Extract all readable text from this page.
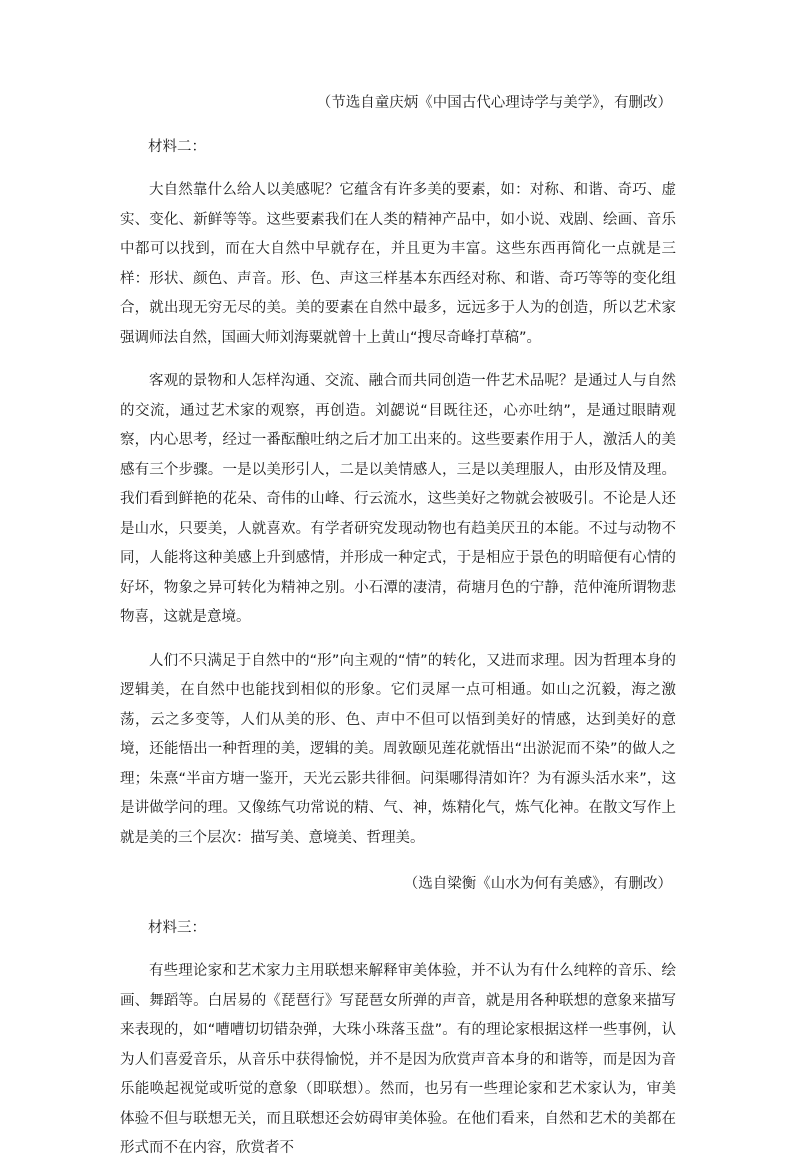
（节选自童庆炳《中国古代心理诗学与美学》，有删改）

材料二：

大自然靠什么给人以美感呢？它蕴含有许多美的要素，如：对称、和谐、奇巧、虚实、变化、新鲜等等。这些要素我们在人类的精神产品中，如小说、戏剧、绘画、音乐中都可以找到，而在大自然中早就存在，并且更为丰富。这些东西再简化一点就是三样：形状、颜色、声音。形、色、声这三样基本东西经对称、和谐、奇巧等等的变化组合，就出现无穷无尽的美。美的要素在自然中最多，远远多于人为的创造，所以艺术家强调师法自然，国画大师刘海粟就曾十上黄山“搜尽奇峰打草稿”。

客观的景物和人怎样沟通、交流、融合而共同创造一件艺术品呢？是通过人与自然的交流，通过艺术家的观察，再创造。刘勰说“目既往还，心亦吐纳”，是通过眼睛观察，内心思考，经过一番酝酿吐纳之后才加工出来的。这些要素作用于人，激活人的美感有三个步骤。一是以美形引人，二是以美情感人，三是以美理服人，由形及情及理。我们看到鲜艳的花朵、奇伟的山峰、行云流水，这些美好之物就会被吸引。不论是人还是山水，只要美，人就喜欢。有学者研究发现动物也有趋美厌丑的本能。不过与动物不同，人能将这种美感上升到感情，并形成一种定式，于是相应于景色的明暗便有心情的好坏，物象之异可转化为精神之别。小石潭的凄清，荷塘月色的宁静，范仲淹所谓物悲物喜，这就是意境。

人们不只满足于自然中的“形”向主观的“情”的转化，又进而求理。因为哲理本身的逻辑美，在自然中也能找到相似的形象。它们灵犀一点可相通。如山之沉毅，海之激荡，云之多变等，人们从美的形、色、声中不但可以悟到美好的情感，达到美好的意境，还能悟出一种哲理的美，逻辑的美。周敦颐见莲花就悟出“出淤泥而不染”的做人之理；朱熹“半亩方塘一鉴开，天光云影共徘徊。问渠哪得清如许？为有源头活水来”，这是讲做学问的理。又像练气功常说的精、气、神，炼精化气，炼气化神。在散文写作上就是美的三个层次：描写美、意境美、哲理美。

（选自梁衡《山水为何有美感》，有删改）

材料三：

有些理论家和艺术家力主用联想来解释审美体验，并不认为有什么纯粹的音乐、绘画、舞蹈等。白居易的《琵琶行》写琵琶女所弹的声音，就是用各种联想的意象来描写来表现的，如“嘈嘈切切错杂弹，大珠小珠落玉盘”。有的理论家根据这样一些事例，认为人们喜爱音乐，从音乐中获得愉悦，并不是因为欣赏声音本身的和谐等，而是因为音乐能唤起视觉或听觉的意象（即联想）。然而，也另有一些理论家和艺术家认为，审美体验不但与联想无关，而且联想还会妨碍审美体验。在他们看来，自然和艺术的美都在形式而不在内容，欣赏者不
